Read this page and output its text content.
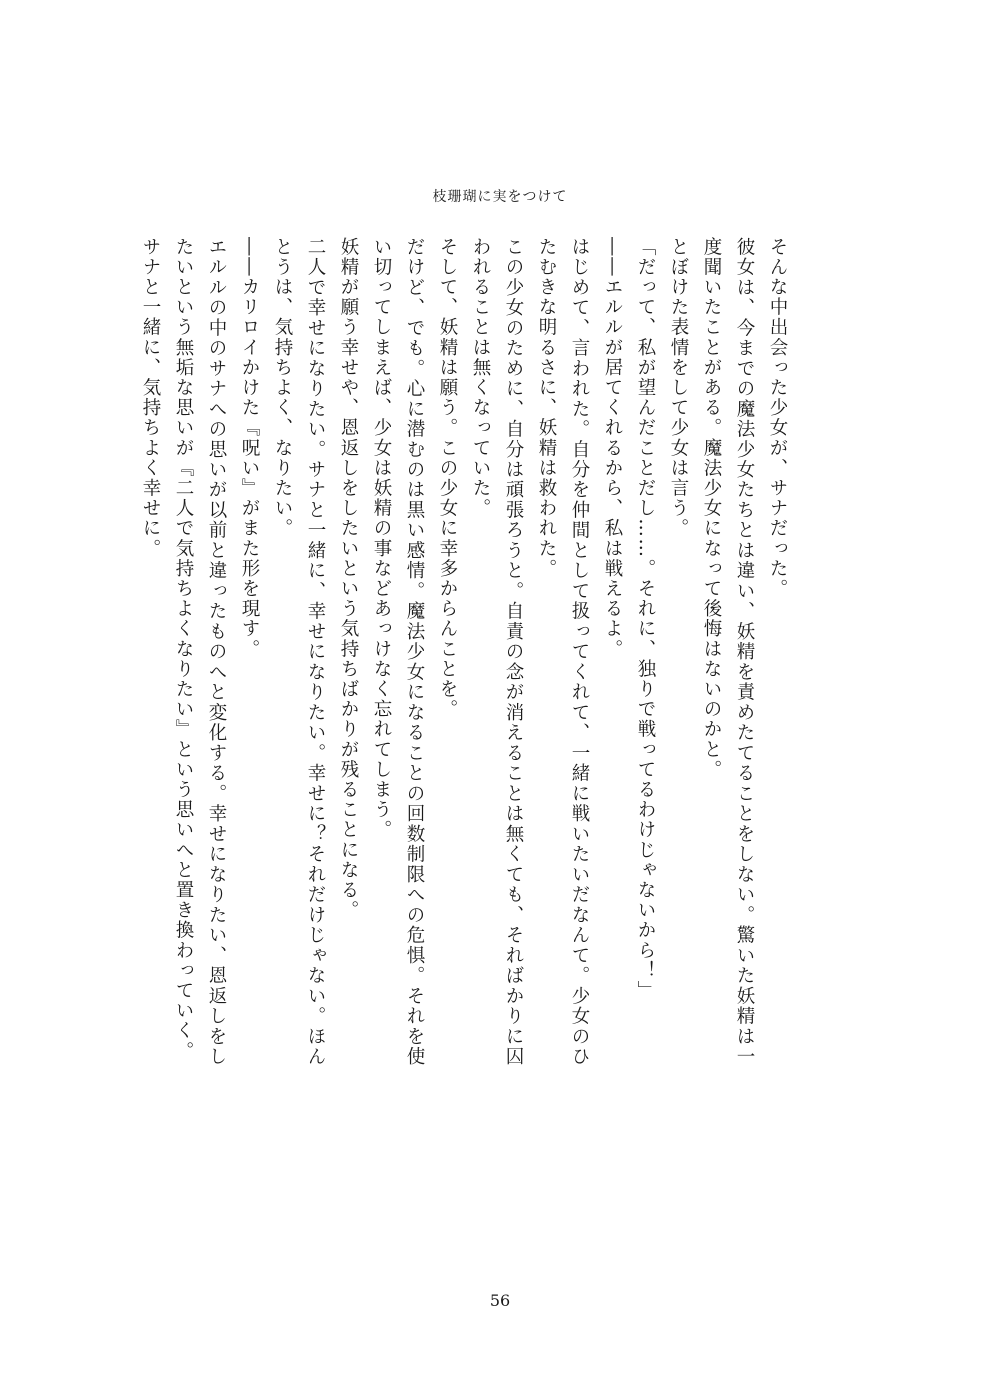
枝珊瑚に実をつけて

そんな中出会った少女が、サナだった。

彼女は、今までの魔法少女たちとは違い、妖精を責めたてることをしない。驚いた妖精は一度聞いたことがある。魔法少女になって後悔はないのかと。

とぼけた表情をして少女は言う。

「だって、私が望んだことだし……。それに、独りで戦ってるわけじゃないから！」

――エルルが居てくれるから、私は戦えるよ。

はじめて、言われた。自分を仲間として扱ってくれて、一緒に戦いたいだなんて。少女のひたむきな明るさに、妖精は救われた。

この少女のために、自分は頑張ろうと。自責の念が消えることは無くても、そればかりに囚われることは無くなっていた。

そして、妖精は願う。この少女に幸多からんことを。

だけど、でも。心に潜むのは黒い感情。魔法少女になることの回数制限への危惧。それを使い切ってしまえば、少女は妖精の事などあっけなく忘れてしまう。

妖精が願う幸せや、恩返しをしたいという気持ちばかりが残ることになる。

二人で幸せになりたい。サナと一緒に、幸せになりたい。幸せに？それだけじゃない。ほんとうは、気持ちよく、なりたい。

――カリロイかけた『呪い』がまた形を現す。

エルルの中のサナへの思いが以前と違ったものへと変化する。幸せになりたい、恩返しをしたいという無垢な思いが『二人で気持ちよくなりたい』という思いへと置き換わっていく。

サナと一緒に、気持ちよく幸せに。

56
